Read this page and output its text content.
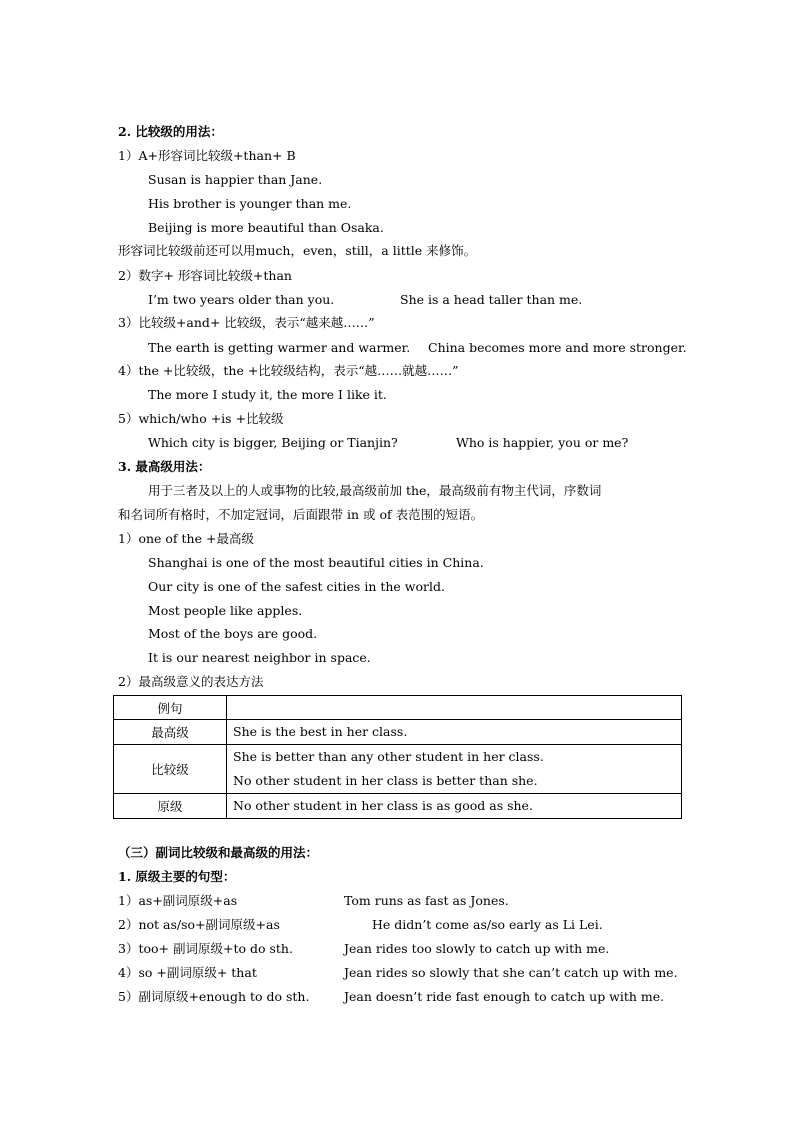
2. 比较级的用法：
1）A+形容词比较级+than+ B
Susan is happier than Jane.
His brother is younger than me.
Beijing is more beautiful than Osaka.
形容词比较级前还可以用much，even，still，a little 来修饰。
2）数字+ 形容词比较级+than
I’m two years older than you.	She is a head taller than me.
3）比较级+and+ 比较级，表示“越来越……”
The earth is getting warmer and warmer. China becomes more and more stronger.
4）the +比较级，the +比较级结构，表示“越……就越……”
The more I study it, the more I like it.
5）which/who +is +比较级
Which city is bigger, Beijing or Tianjin?	Who is happier, you or me?
3. 最高级用法：
用于三者及以上的人或事物的比较,最高级前加 the，最高级前有物主代词，序数词
和名词所有格时，不加定冠词，后面跟带 in 或 of 表范围的短语。
1）one of the +最高级
Shanghai is one of the most beautiful cities in China.
Our city is one of the safest cities in the world.
Most people like apples.
Most of the boys are good.
It is our nearest neighbor in space.
2）最高级意义的表达方法
例句	
最高级	She is the best in her class.
比较级	She is better than any other student in her class.
No other student in her class is better than she.

原级	No other student in her class is as good as she.
（三）副词比较级和最高级的用法：
1. 原级主要的句型：
1）as+副词原级+as	Tom runs as fast as Jones.
2）not as/so+副词原级+as	He didn’t come as/so early as Li Lei.
3）too+ 副词原级+to do sth.	Jean rides too slowly to catch up with me.
4）so +副词原级+ that	Jean rides so slowly that she can’t catch up with me.
5）副词原级+enough to do sth.	Jean doesn’t ride fast enough to catch up with me.
